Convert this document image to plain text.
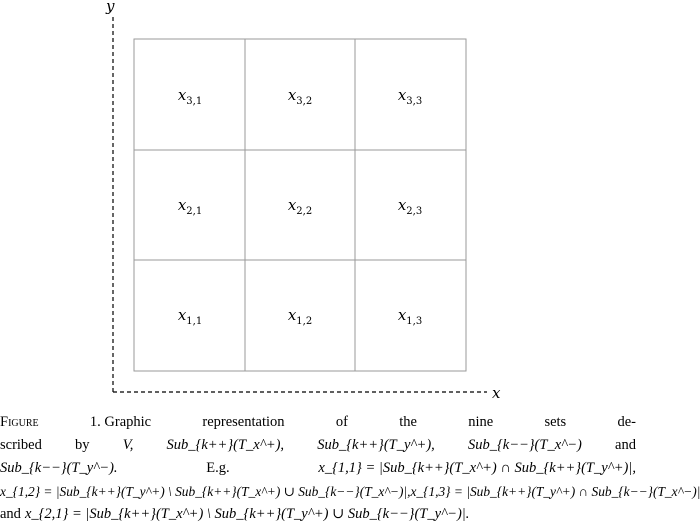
y
x
$x_{3,1}$	$x_{3,2}$	$x_{3,3}$
$x_{2,1}$	$x_{2,2}$	$x_{2,3}$
$x_{1,1}$	$x_{1,2}$	$x_{1,3}$
Figure	1. Graphic	representation	of	the	nine	sets	de-
scribed by V, Sub_{k++}(T_x^+), Sub_{k++}(T_y^+), Sub_{k−−}(T_x^−) and
Sub_{k−−}(T_y^−).	E.g.	x_{1,1} = |Sub_{k++}(T_x^+) ∩ Sub_{k++}(T_y^+)|,
x_{1,2} = |Sub_{k++}(T_y^+) \ Sub_{k++}(T_x^+) ∪ Sub_{k−−}(T_x^−)|, x_{1,3} = |Sub_{k++}(T_y^+) ∩ Sub_{k−−}(T_x^−)|
and x_{2,1} = |Sub_{k++}(T_x^+) \ Sub_{k++}(T_y^+) ∪ Sub_{k−−}(T_y^−)|.
